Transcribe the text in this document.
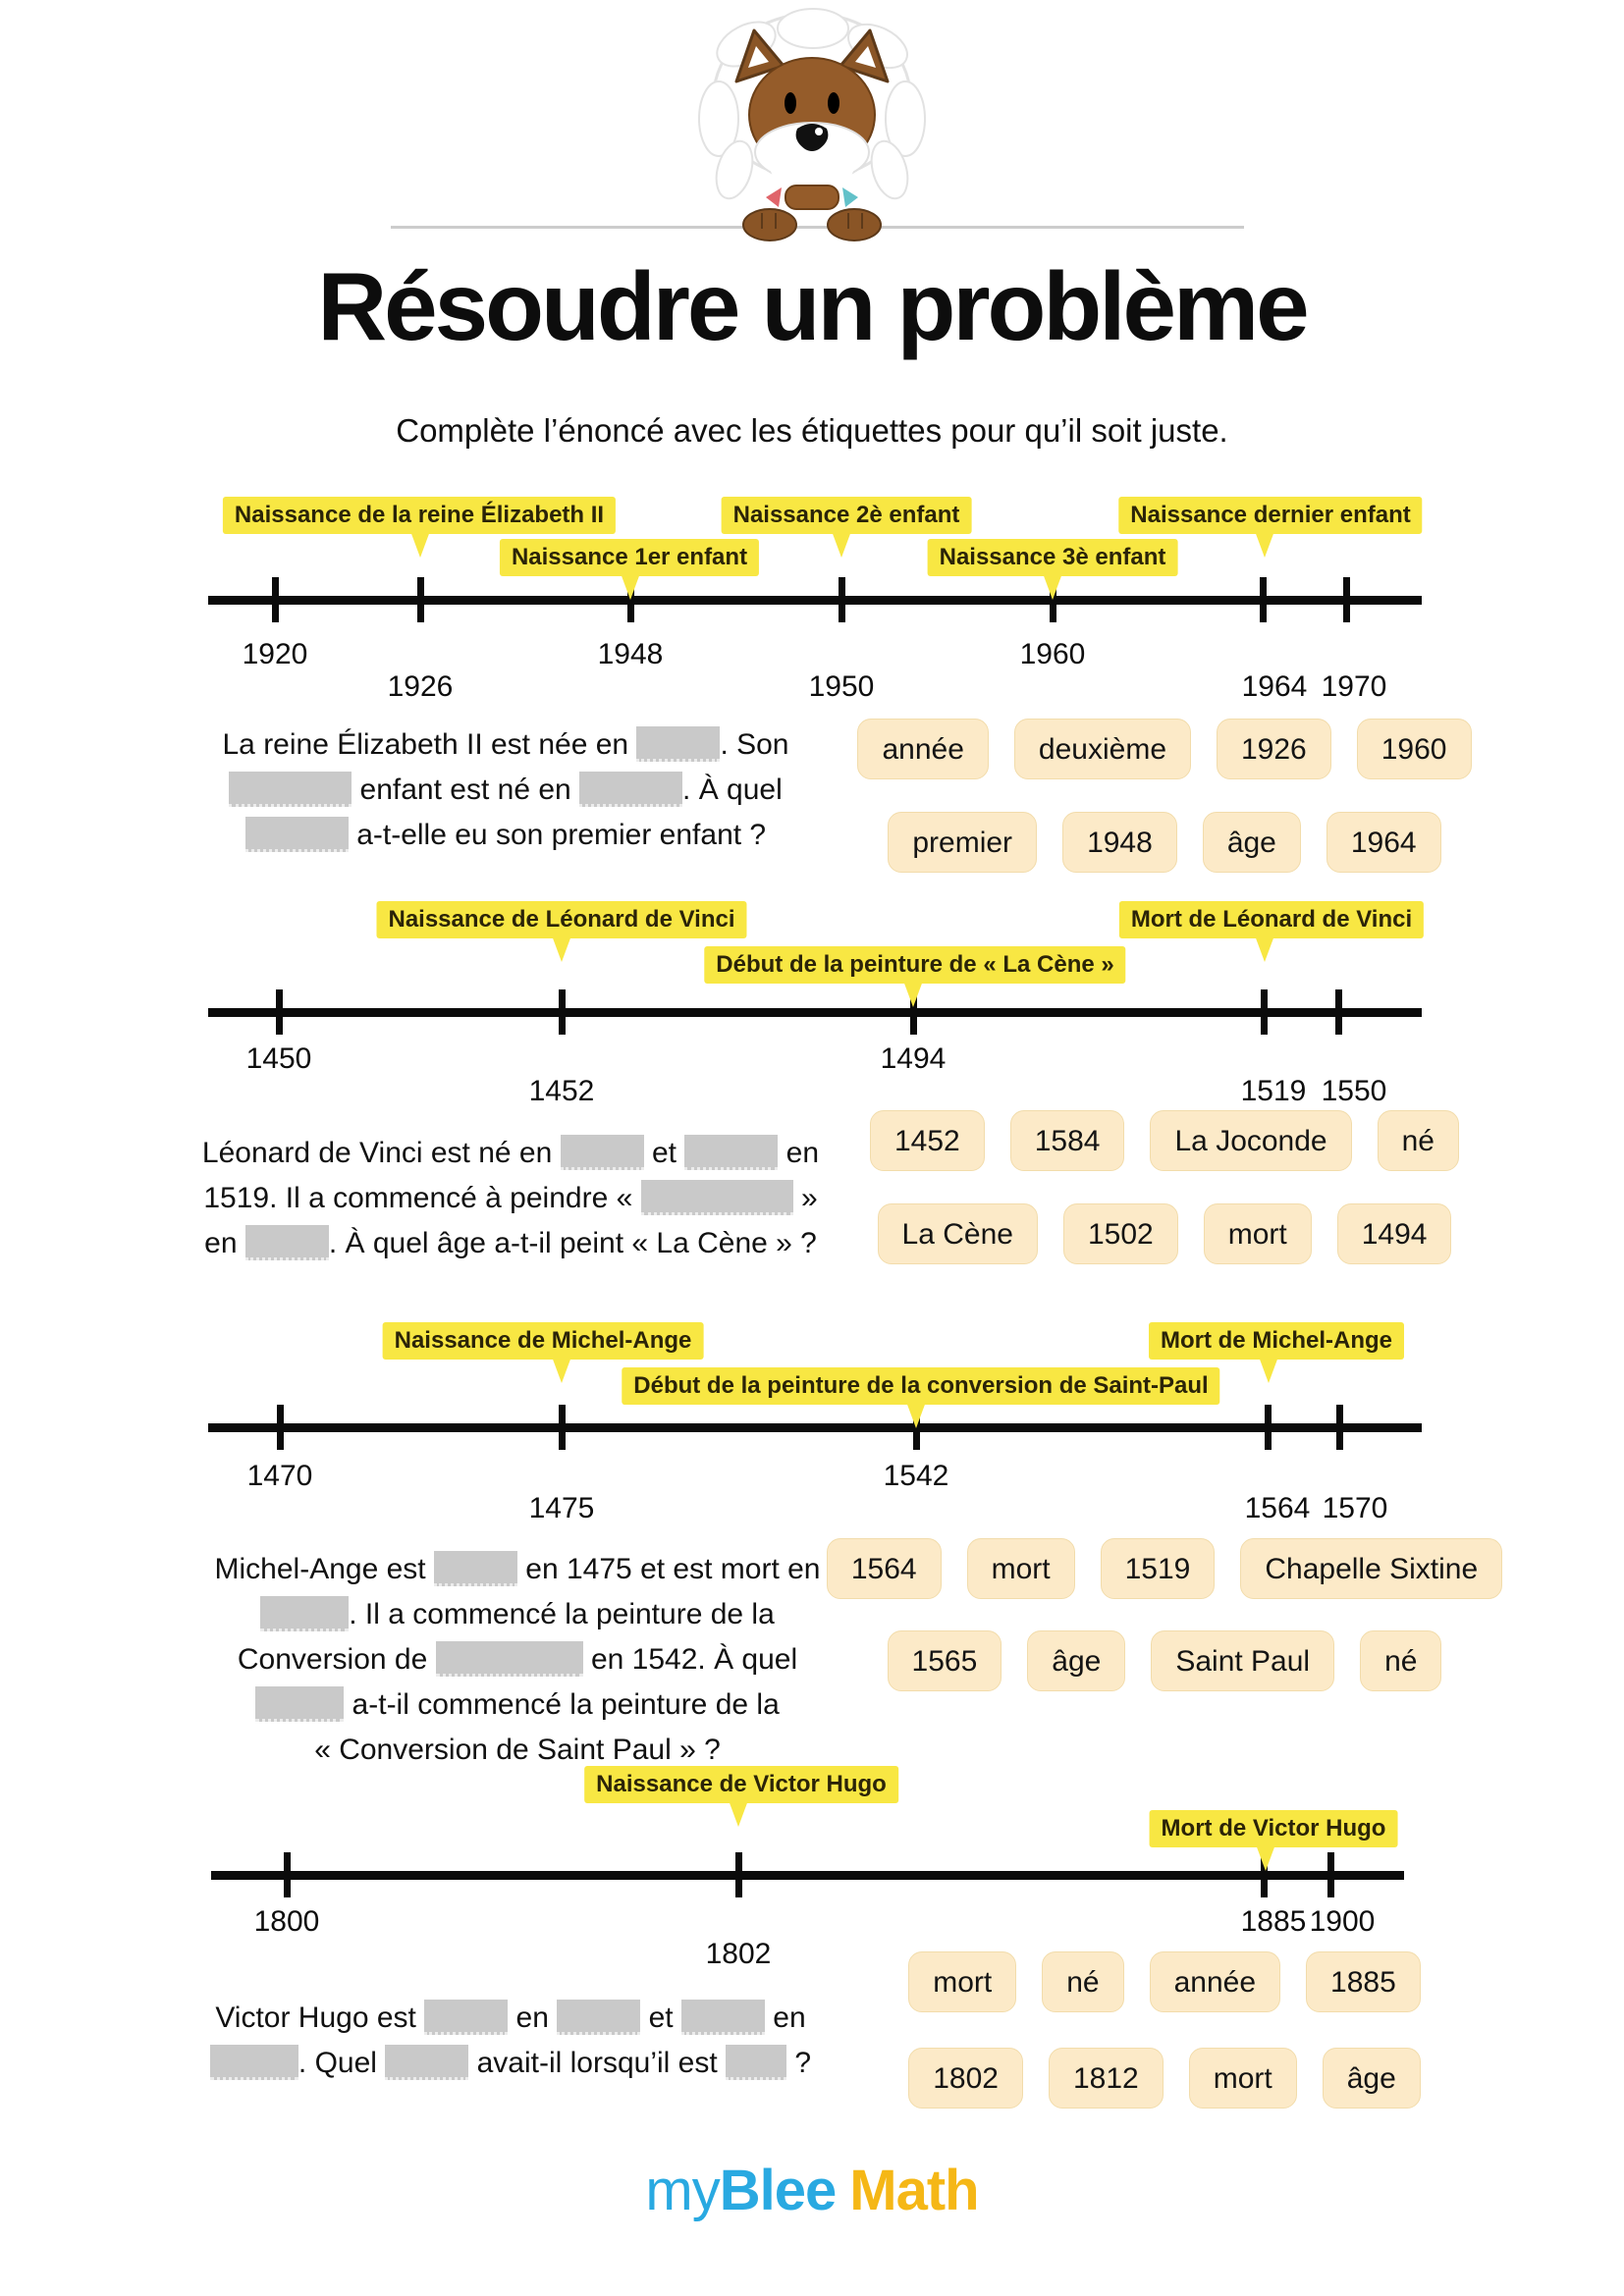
Résoudre un problème
Complète l’énoncé avec les étiquettes pour qu’il soit juste.
myBlee Math
Naissance de la reine Élizabeth II	Naissance 2è enfant	Naissance dernier enfant
Naissance 1er enfant	Naissance 3è enfant
1920
1926
1948
1950
1960
1964 1970
La reine Élizabeth II est née en	. Son
enfant est né en	. À quel
a-t-elle eu son premier enfant ?
année	deuxième	1926	1960
premier	1948	âge	1964
Naissance de Léonard de Vinci	Mort de Léonard de Vinci
Début de la peinture de « La Cène »
1450
1452
1494
1519 1550
Léonard de Vinci est né en	et	en
1519. Il a commencé à peindre «	»
en	. À quel âge a-t-il peint « La Cène » ?
1452	1584	La Joconde	né
La Cène	1502	mort	1494
Naissance de Michel-Ange	Mort de Michel-Ange
Début de la peinture de la conversion de Saint-Paul
1470
1475
1542
1564 1570
Michel-Ange est	en 1475 et est mort en
. Il a commencé la peinture de la
Conversion de	en 1542. À quel
a-t-il commencé la peinture de la
« Conversion de Saint Paul » ?
1564	mort	1519	Chapelle Sixtine
1565	âge	Saint Paul	né
Naissance de Victor Hugo
Mort de Victor Hugo
1800
1802
1885 1900
Victor Hugo est	en	et	en
. Quel	avait-il lorsqu’il est  ?
mort	né	année	1885
1802	1812	mort	âge
